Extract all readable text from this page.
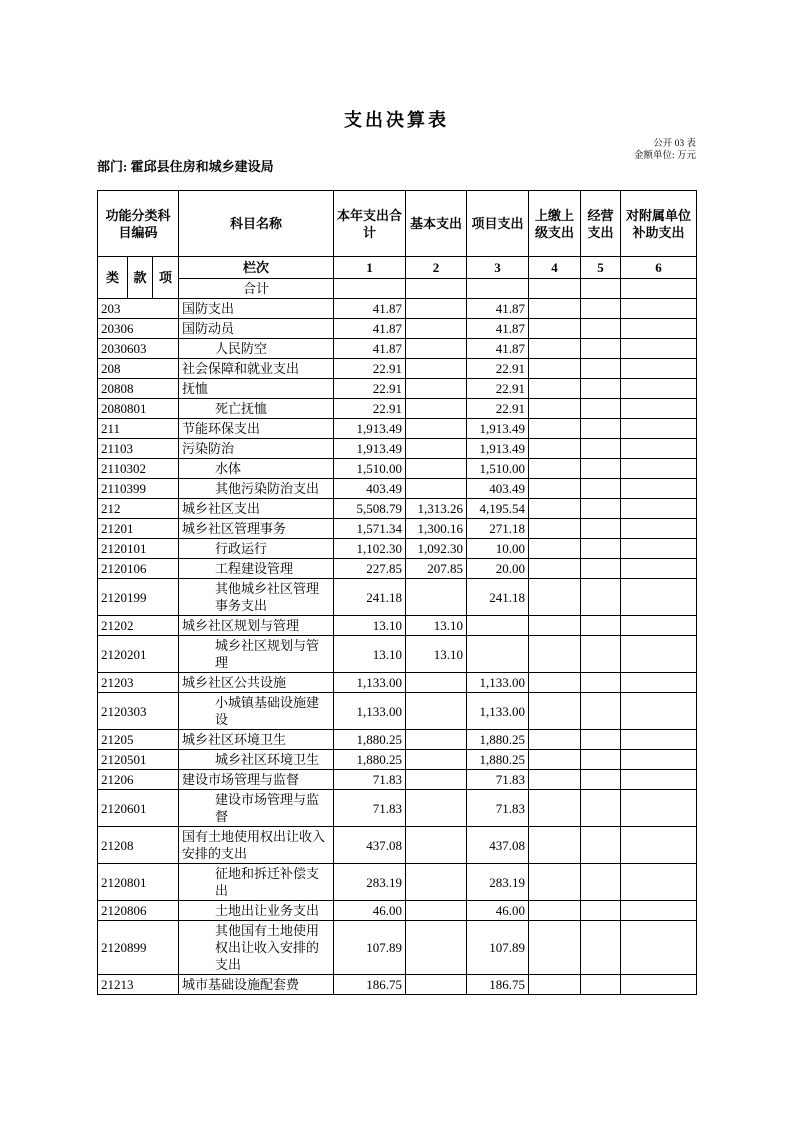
支出决算表
公开 03 表
金额单位: 万元
部门: 霍邱县住房和城乡建设局
功能分类科目编码			科目名称	本年支出合计	基本支出	项目支出	上缴上级支出	经营支出	对附属单位补助支出
类	款	项	栏次	1	2	3	4	5	6
			合计						
203			国防支出	41.87		41.87			
20306			国防动员	41.87		41.87			
2030603			人民防空	41.87		41.87			
208			社会保障和就业支出	22.91		22.91			
20808			抚恤	22.91		22.91			
2080801			死亡抚恤	22.91		22.91			
211			节能环保支出	1,913.49		1,913.49			
21103			污染防治	1,913.49		1,913.49			
2110302			水体	1,510.00		1,510.00			
2110399			其他污染防治支出	403.49		403.49			
212			城乡社区支出	5,508.79	1,313.26	4,195.54			
21201			城乡社区管理事务	1,571.34	1,300.16	271.18			
2120101			行政运行	1,102.30	1,092.30	10.00			
2120106			工程建设管理	227.85	207.85	20.00			
2120199			其他城乡社区管理事务支出	241.18		241.18			
21202			城乡社区规划与管理	13.10	13.10				
2120201			城乡社区规划与管理	13.10	13.10				
21203			城乡社区公共设施	1,133.00		1,133.00			
2120303			小城镇基础设施建设	1,133.00		1,133.00			
21205			城乡社区环境卫生	1,880.25		1,880.25			
2120501			城乡社区环境卫生	1,880.25		1,880.25			
21206			建设市场管理与监督	71.83		71.83			
2120601			建设市场管理与监督	71.83		71.83			
21208			国有土地使用权出让收入安排的支出	437.08		437.08			
2120801			征地和拆迁补偿支出	283.19		283.19			
2120806			土地出让业务支出	46.00		46.00			
2120899			其他国有土地使用权出让收入安排的支出	107.89		107.89			
21213			城市基础设施配套费	186.75		186.75			
